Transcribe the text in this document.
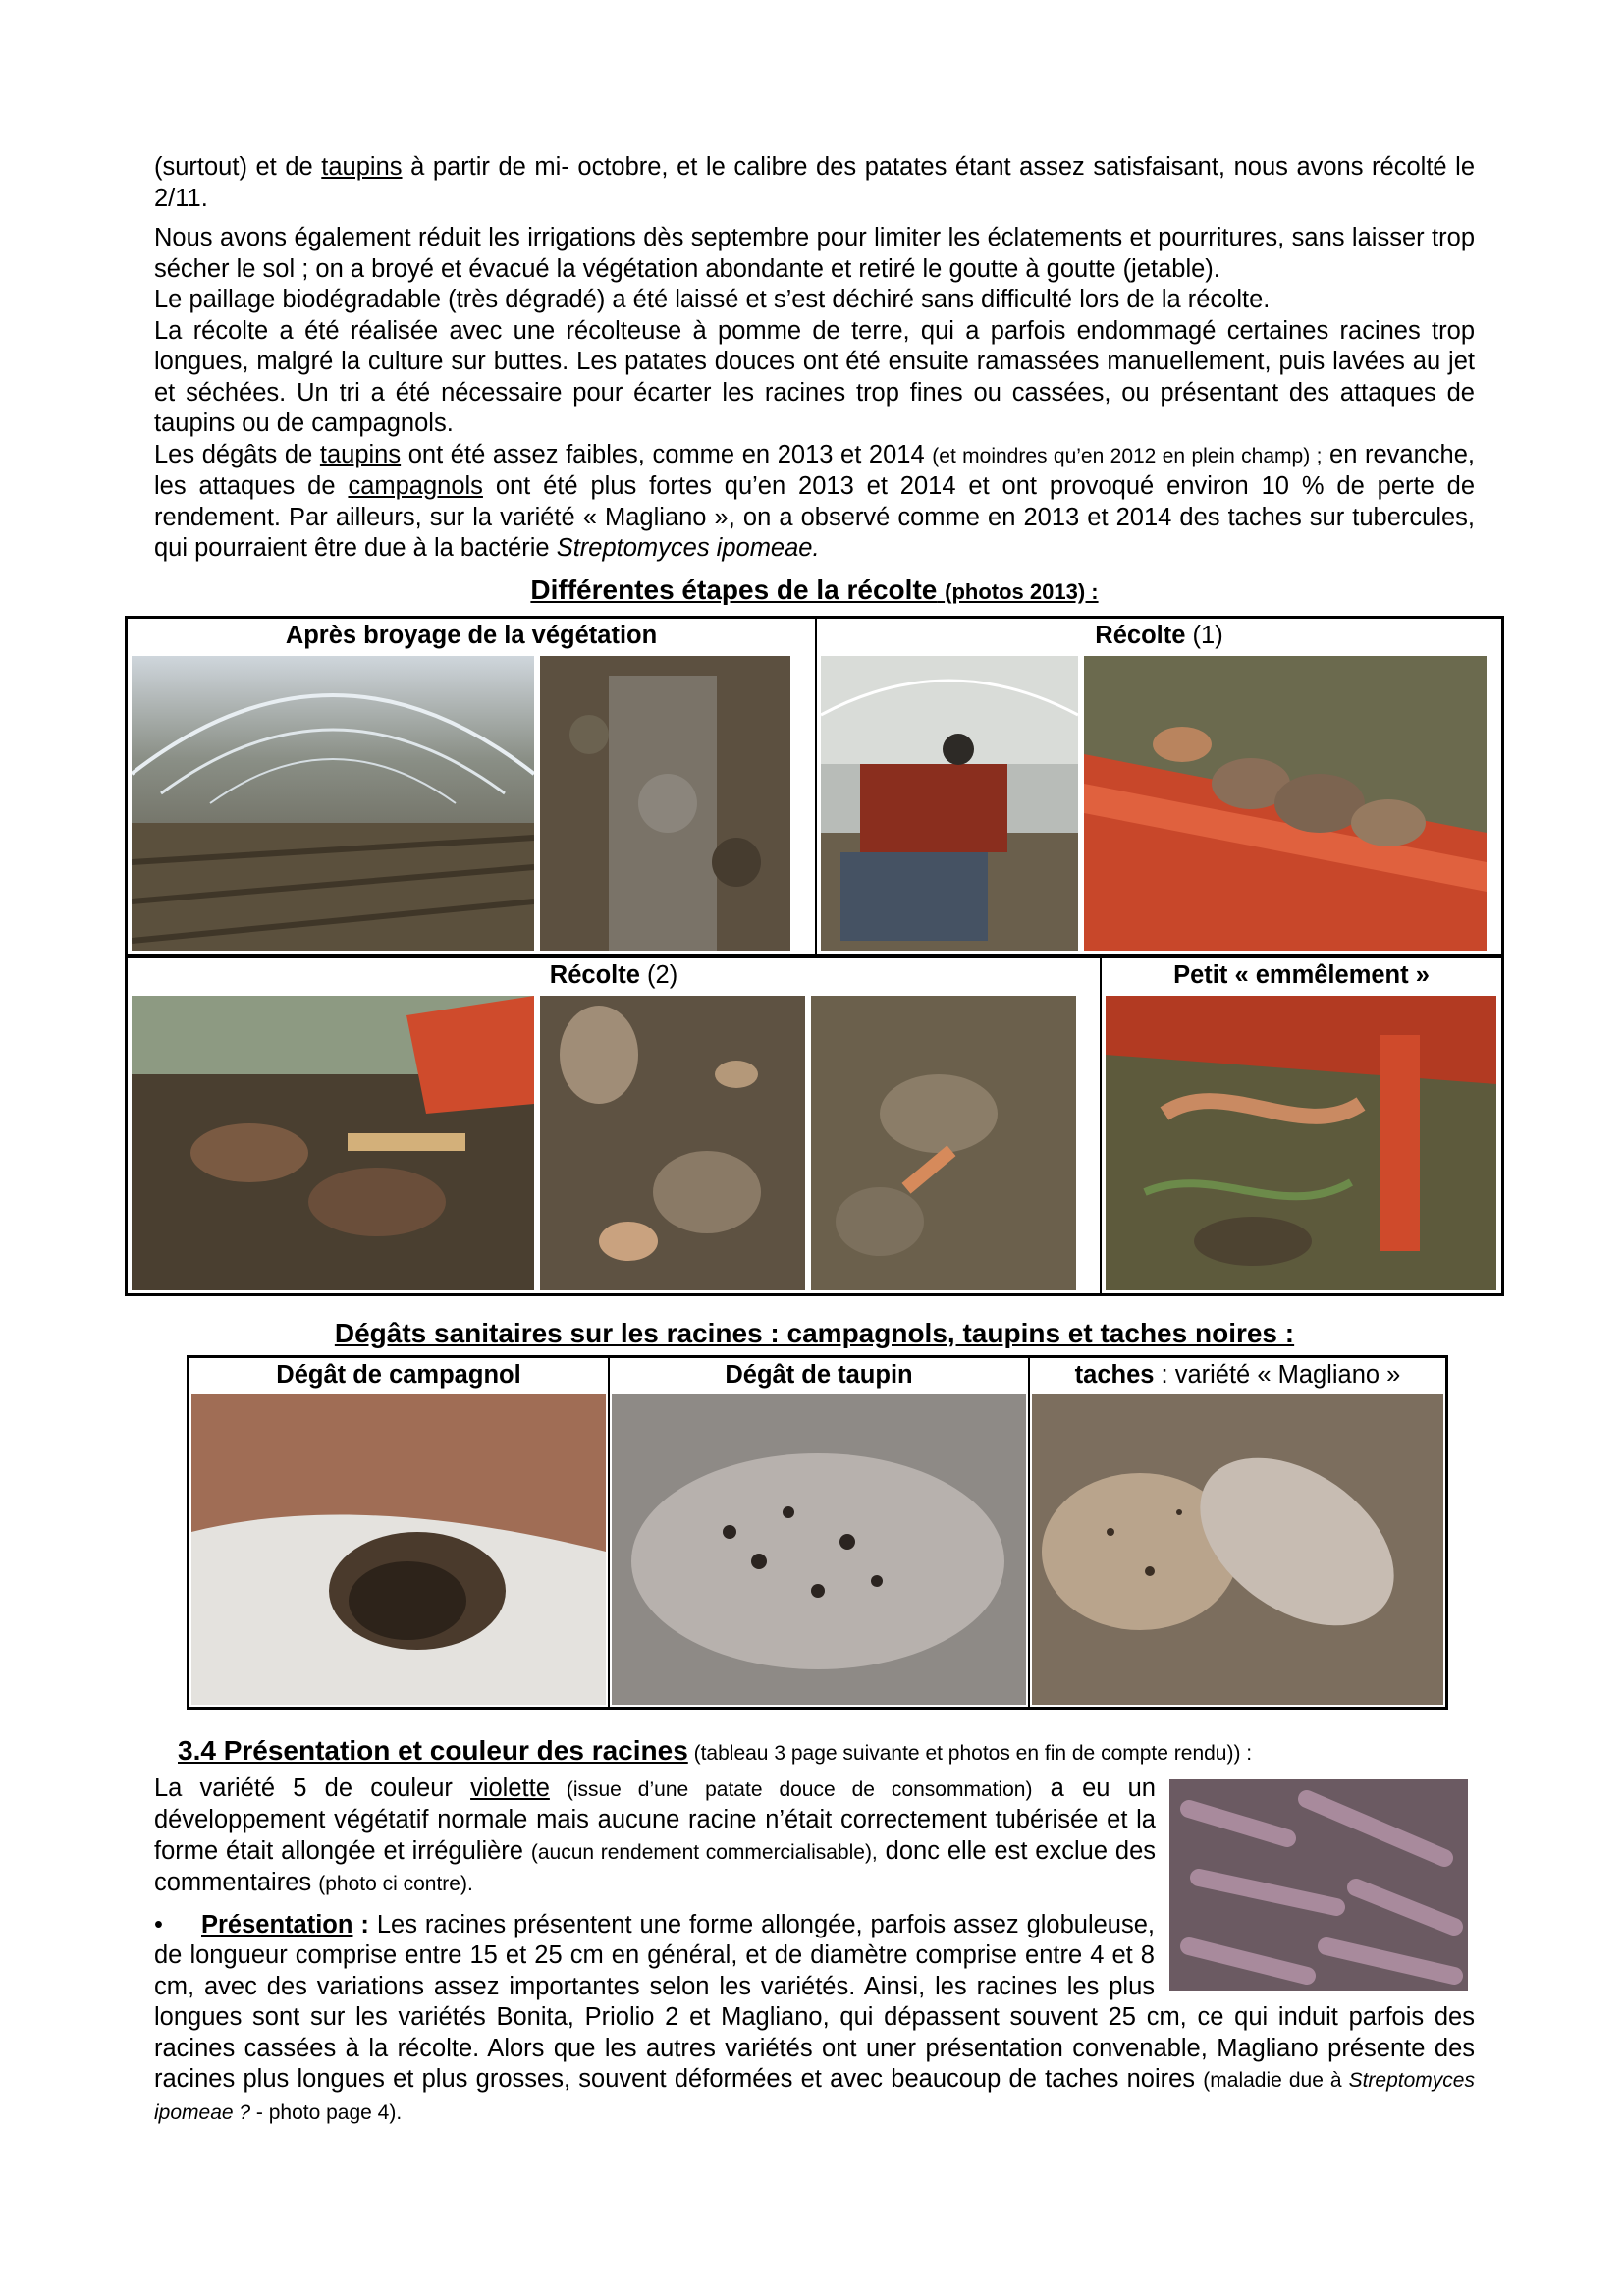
(surtout) et de taupins à partir de mi- octobre, et le calibre des patates étant assez satisfaisant, nous avons récolté le 2/11.

Nous avons également réduit les irrigations dès septembre pour limiter les éclatements et pourritures, sans laisser trop sécher le sol ; on a broyé et évacué la végétation abondante et retiré le goutte à goutte (jetable).

Le paillage biodégradable (très dégradé) a été laissé et s’est déchiré sans difficulté lors de la récolte.

La récolte a été réalisée avec une récolteuse à pomme de terre, qui a parfois endommagé certaines racines trop longues, malgré la culture sur buttes. Les patates douces ont été ensuite ramassées manuellement, puis lavées au jet et séchées. Un tri a été nécessaire pour écarter les racines trop fines ou cassées, ou présentant des attaques de taupins ou de campagnols.

Les dégâts de taupins ont été assez faibles, comme en 2013 et 2014 (et moindres qu’en 2012 en plein champ) ; en revanche, les attaques de campagnols ont été plus fortes qu’en 2013 et 2014 et ont provoqué environ 10 % de perte de rendement. Par ailleurs, sur la variété « Magliano », on a observé comme en 2013 et 2014 des taches sur tubercules, qui pourraient être due à la bactérie Streptomyces ipomeae.

Différentes étapes de la récolte (photos 2013) :
Après broyage de la végétation	Récolte (1)
Récolte (2)	Petit « emmêlement »
Dégâts sanitaires sur les racines : campagnols, taupins et taches noires :
Dégât de campagnol	Dégât de taupin	taches : variété « Magliano »
3.4 Présentation et couleur des racines (tableau 3 page suivante et photos en fin de compte rendu)) :

La variété 5 de couleur violette (issue d’une patate douce de consommation) a eu un développement végétatif normale mais aucune racine n’était correctement tubérisée et la forme était allongée et irrégulière (aucun rendement commercialisable), donc elle est exclue des commentaires (photo ci contre).

• Présentation : Les racines présentent une forme allongée, parfois assez globuleuse, de longueur comprise entre 15 et 25 cm en général, et de diamètre comprise entre 4 et 8 cm, avec des variations assez importantes selon les variétés. Ainsi, les racines les plus longues sont sur les variétés Bonita, Priolio 2 et Magliano, qui dépassent souvent 25 cm, ce qui induit parfois des racines cassées à la récolte. Alors que les autres variétés ont uner présentation convenable, Magliano présente des racines plus longues et plus grosses, souvent déformées et avec beaucoup de taches noires (maladie due à Streptomyces ipomeae ? - photo page 4).
